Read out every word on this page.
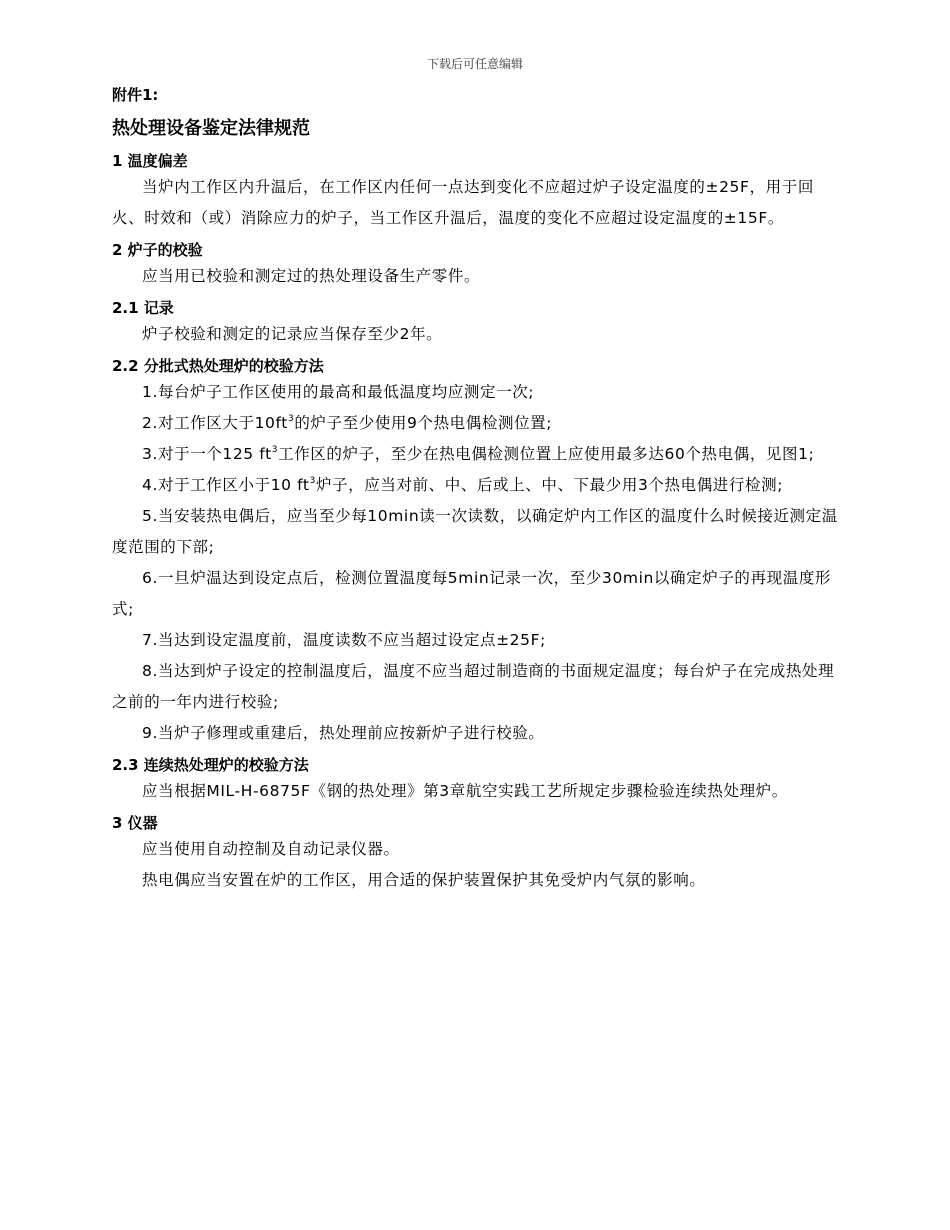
下载后可任意编辑

附件1:

热处理设备鉴定法律规范
1 温度偏差

当炉内工作区内升温后，在工作区内任何一点达到变化不应超过炉子设定温度的±25F，用于回火、时效和（或）消除应力的炉子，当工作区升温后，温度的变化不应超过设定温度的±15F。

2 炉子的校验

应当用已校验和测定过的热处理设备生产零件。

2.1 记录

炉子校验和测定的记录应当保存至少2年。

2.2 分批式热处理炉的校验方法

1.每台炉子工作区使用的最高和最低温度均应测定一次;

2.对工作区大于$10ft^3$的炉子至少使用9个热电偶检测位置;

3.对于一个125 $ft^3$工作区的炉子，至少在热电偶检测位置上应使用最多达60个热电偶，见图1;

4.对于工作区小于10 $ft^3$炉子，应当对前、中、后或上、中、下最少用3个热电偶进行检测;

5.当安装热电偶后，应当至少每10min读一次读数，以确定炉内工作区的温度什么时候接近测定温度范围的下部;

6.一旦炉温达到设定点后，检测位置温度每5min记录一次，至少30min以确定炉子的再现温度形式;

7.当达到设定温度前，温度读数不应当超过设定点±25F;

8.当达到炉子设定的控制温度后，温度不应当超过制造商的书面规定温度；每台炉子在完成热处理之前的一年内进行校验;

9.当炉子修理或重建后，热处理前应按新炉子进行校验。

2.3 连续热处理炉的校验方法

应当根据MIL-H-6875F《钢的热处理》第3章航空实践工艺所规定步骤检验连续热处理炉。

3 仪器

应当使用自动控制及自动记录仪器。

热电偶应当安置在炉的工作区，用合适的保护装置保护其免受炉内气氛的影响。
